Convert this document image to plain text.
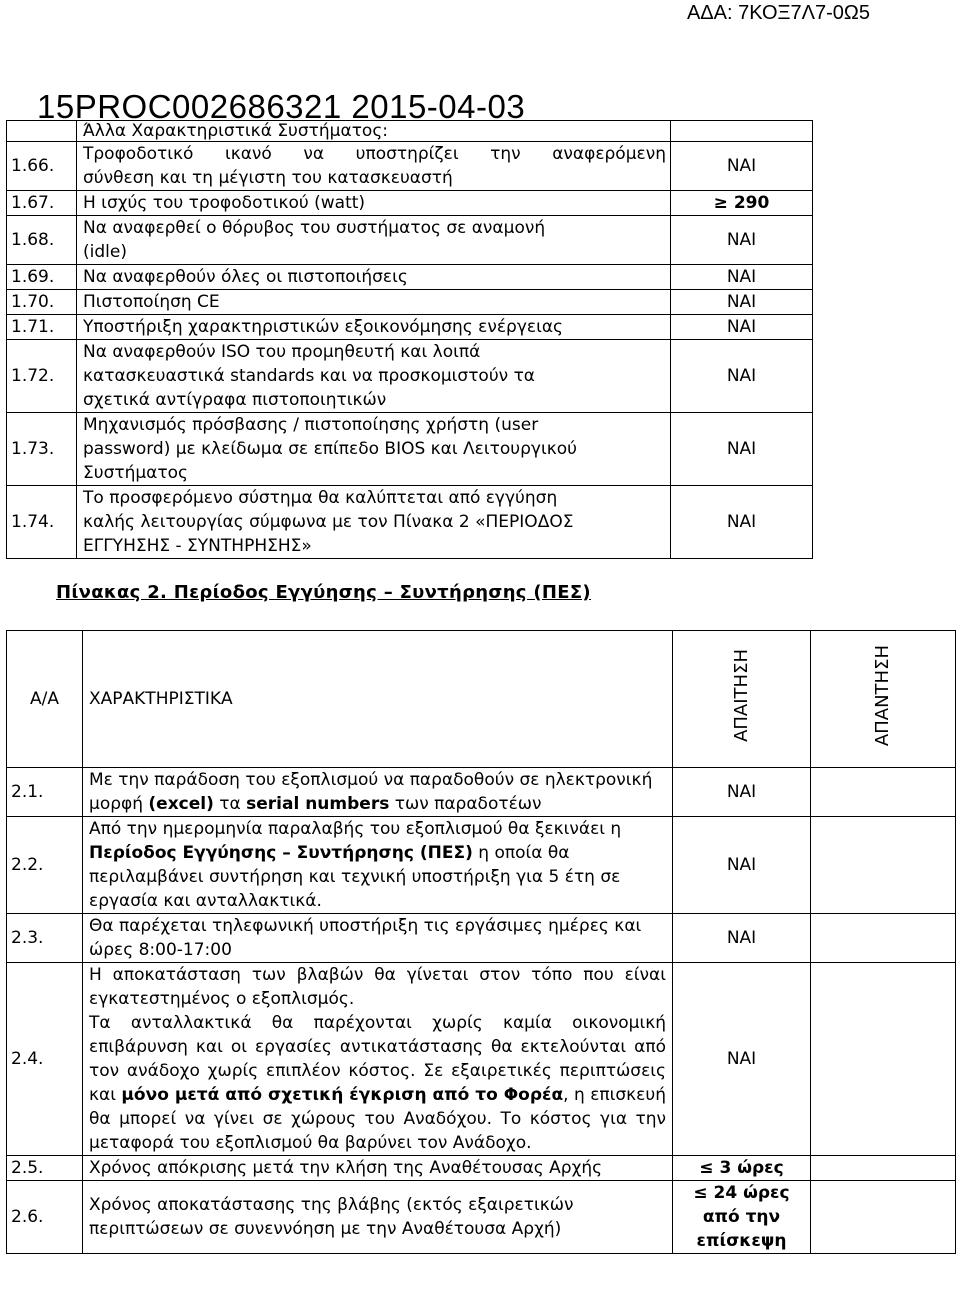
ΑΔΑ: 7ΚΟΞ7Λ7-0Ω5
15PROC002686321 2015-04-03
	Άλλα Χαρακτηριστικά Συστήματος:	
1.66.	Τροφοδοτικό ικανό να υποστηρίζει την αναφερόμενη
σύνθεση και τη μέγιστη του κατασκευαστή	ΝΑΙ
1.67.	Η ισχύς του τροφοδοτικού (watt)	≥ 290
1.68.	Να αναφερθεί ο θόρυβος του συστήματος σε αναμονή
(idle)	ΝΑΙ
1.69.	Να αναφερθούν όλες οι πιστοποιήσεις	ΝΑΙ
1.70.	Πιστοποίηση CE	ΝΑΙ
1.71.	Υποστήριξη χαρακτηριστικών εξοικονόμησης ενέργειας	ΝΑΙ
1.72.	Να αναφερθούν ISO του προμηθευτή και λοιπά
κατασκευαστικά standards και να προσκομιστούν τα
σχετικά αντίγραφα πιστοποιητικών	ΝΑΙ
1.73.	Μηχανισμός πρόσβασης / πιστοποίησης χρήστη (user
password) με κλείδωμα σε επίπεδο BIOS και Λειτουργικού
Συστήματος	ΝΑΙ
1.74.	Το προσφερόμενο σύστημα θα καλύπτεται από εγγύηση
καλής λειτουργίας σύμφωνα με τον Πίνακα 2 «ΠΕΡΙΟΔΟΣ
ΕΓΓΥΗΣΗΣ - ΣΥΝΤΗΡΗΣΗΣ»	ΝΑΙ
Πίνακας 2. Περίοδος Εγγύησης – Συντήρησης (ΠΕΣ)
Α/Α	ΧΑΡΑΚΤΗΡΙΣΤΙΚΑ	ΑΠΑΙΤΗΣΗ	ΑΠΑΝΤΗΣΗ
2.1.	Με την παράδοση του εξοπλισμού να παραδοθούν σε ηλεκτρονική μορφή (excel) τα serial numbers των παραδοτέων	ΝΑΙ	
2.2.	Από την ημερομηνία παραλαβής του εξοπλισμού θα ξεκινάει η Περίοδος Εγγύησης – Συντήρησης (ΠΕΣ) η οποία θα περιλαμβάνει συντήρηση και τεχνική υποστήριξη για 5 έτη σε εργασία και ανταλλακτικά.	ΝΑΙ	
2.3.	Θα παρέχεται τηλεφωνική υποστήριξη τις εργάσιμες ημέρες και ώρες 8:00-17:00	ΝΑΙ	
2.4.	Η αποκατάσταση των βλαβών θα γίνεται στον τόπο που είναι εγκατεστημένος ο εξοπλισμός.
Τα ανταλλακτικά θα παρέχονται χωρίς καμία οικονομική επιβάρυνση και οι εργασίες αντικατάστασης θα εκτελούνται από τον ανάδοχο χωρίς επιπλέον κόστος. Σε εξαιρετικές περιπτώσεις και μόνο μετά από σχετική έγκριση από το Φορέα, η επισκευή θα μπορεί να γίνει σε χώρους του Αναδόχου. Το κόστος για την μεταφορά του εξοπλισμού θα βαρύνει τον Ανάδοχο.	ΝΑΙ	
2.5.	Χρόνος απόκρισης μετά την κλήση της Αναθέτουσας Αρχής	≤ 3 ώρες	
2.6.	Χρόνος αποκατάστασης της βλάβης (εκτός εξαιρετικών περιπτώσεων σε συνεννόηση με την Αναθέτουσα Αρχή)	≤ 24 ώρες
από την
επίσκεψη	
